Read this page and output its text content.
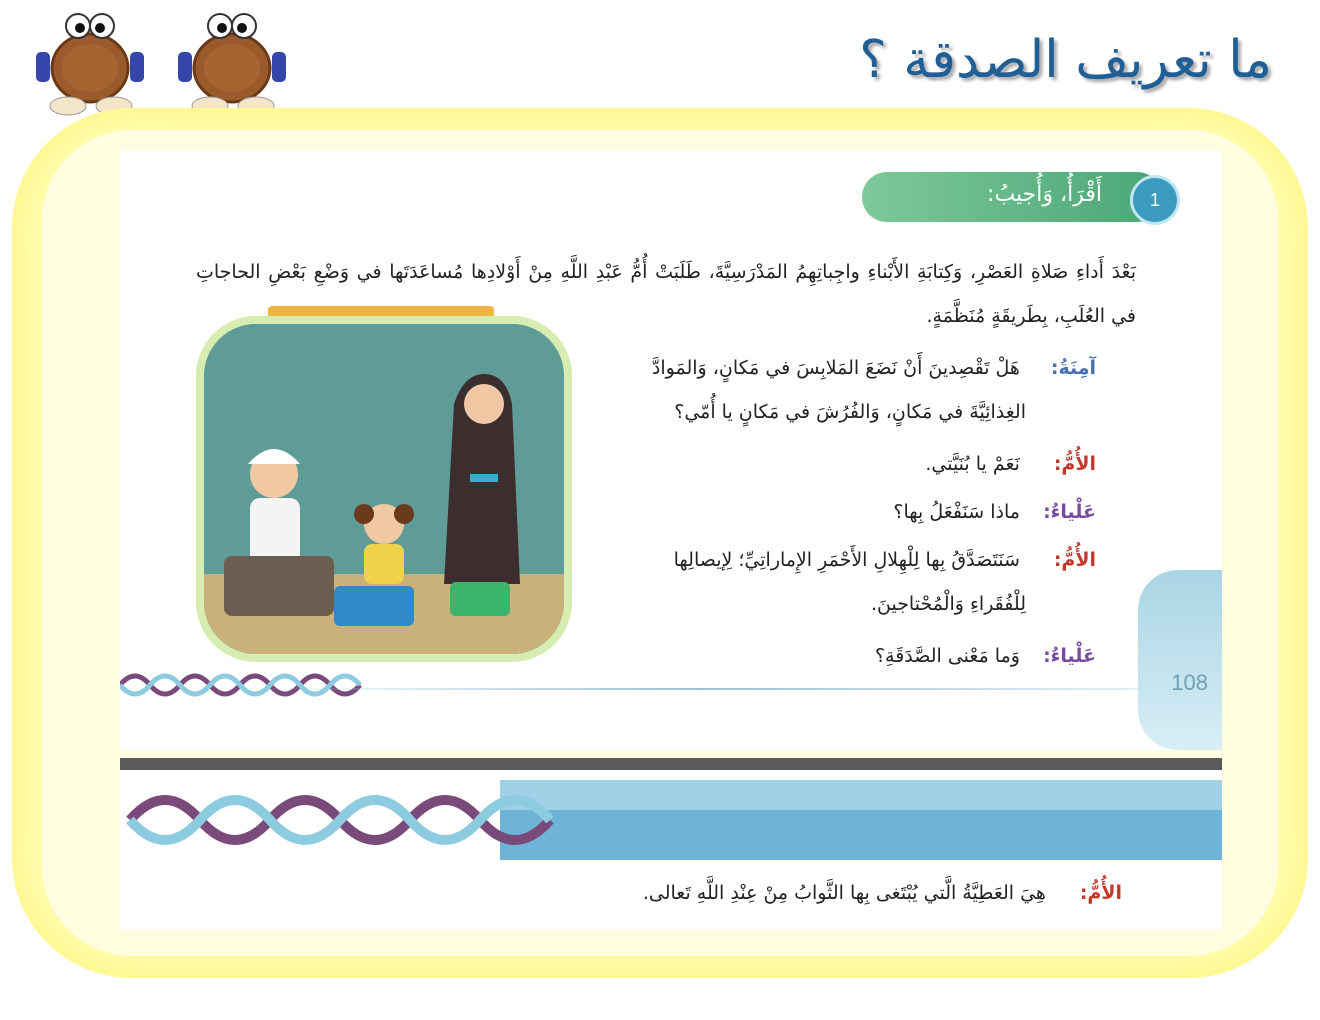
ما تعريف الصدقة ؟
1
أَقْرَأُ، وَأُجيبُ:
بَعْدَ أَداءِ صَلاةِ العَصْرِ، وَكِتابَةِ الأَبْناءِ واجِباتِهِمُ المَدْرَسِيَّةَ، طَلَبَتْ أُمُّ عَبْدِ اللَّهِ مِنْ أَوْلادِها مُساعَدَتَها في وَضْعِ بَعْضِ الحاجاتِ في العُلَبِ، بِطَريقَةٍ مُنَظَّمَةٍ.
آمِنَةُ: هَلْ تَقْصِدينَ أَنْ نَضَعَ المَلابِسَ في مَكانٍ، وَالمَوادَّ
الغِذائِيَّةَ في مَكانٍ، وَالفُرُشَ في مَكانٍ يا أُمّي؟
الأُمُّ: نَعَمْ يا بُنَيَّتي.
عَلْياءُ: ماذا سَنَفْعَلُ بِها؟
الأُمُّ: سَنَتَصَدَّقُ بِها لِلْهِلالِ الأَحْمَرِ الإِماراتِيِّ؛ لِإيصالِها
لِلْفُقَراءِ وَالْمُحْتاجينَ.
عَلْياءُ: وَما مَعْنى الصَّدَقَةِ؟
108
الأُمُّ: هِيَ العَطِيَّةُ الَّتي يُبْتَغى بِها الثَّوابُ مِنْ عِنْدِ اللَّهِ تَعالى.
